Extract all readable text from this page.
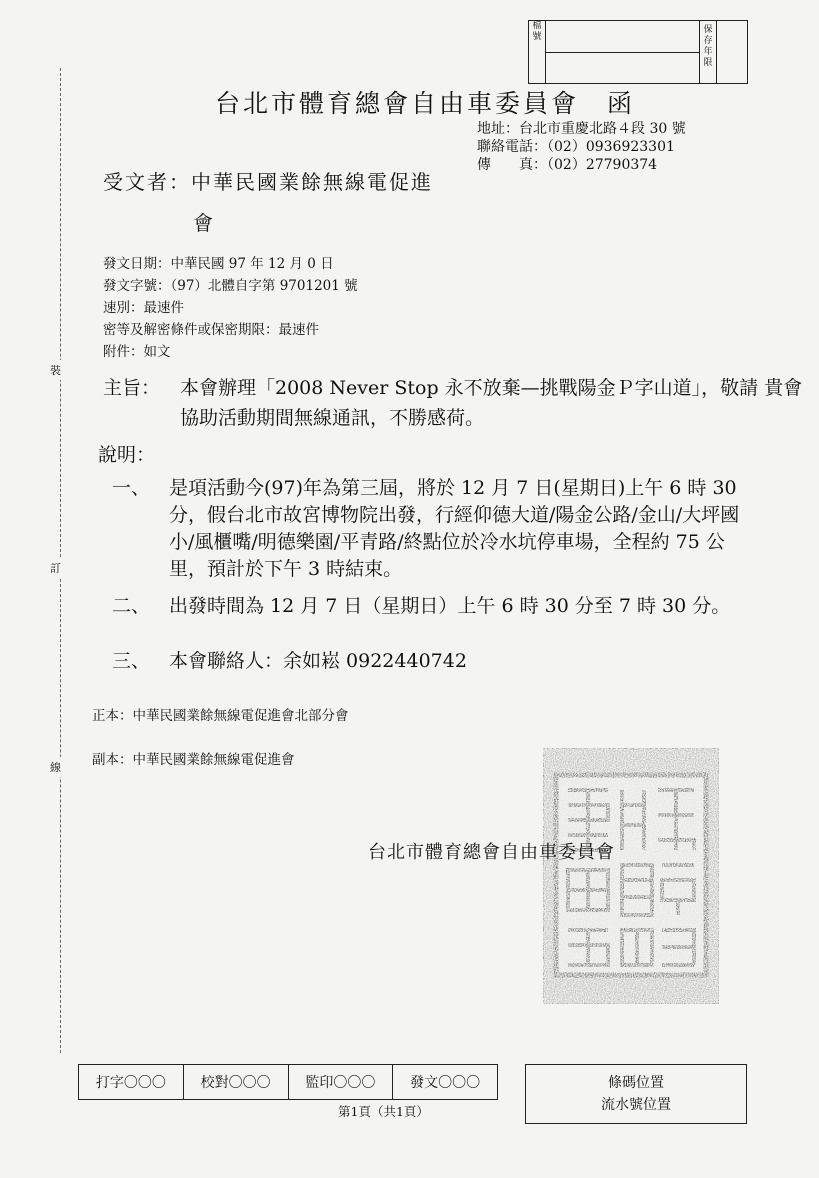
檔號
保存年限
台北市體育總會自由車委員會　函
地址：台北市重慶北路４段 30 號
聯絡電話：（02）0936923301
傳　　真：（02）27790374
受文者：中華民國業餘無線電促進
會
發文日期：中華民國 97 年 12 月 0 日
發文字號：（97）北體自字第 9701201 號
速別：最速件
密等及解密條件或保密期限：最速件
附件：如文
主旨：	本會辦理「2008 Never Stop 永不放棄—挑戰陽金Ｐ字山道」，敬請 貴會協助活動期間無線通訊，不勝感荷。
說明：
一、 是項活動今(97)年為第三屆，將於 12 月 7 日(星期日)上午 6 時 30 分，假台北市故宮博物院出發，行經仰德大道/陽金公路/金山/大坪國小/風櫃嘴/明德樂園/平青路/終點位於冷水坑停車場，全程約 75 公里，預計於下午 3 時結束。
二、 出發時間為 12 月 7 日（星期日）上午 6 時 30 分至 7 時 30 分。
三、 本會聯絡人：余如崧 0922440742
正本：中華民國業餘無線電促進會北部分會
副本：中華民國業餘無線電促進會
台北市體育總會自由車委員會
裝
訂
線
打字〇〇〇	校對〇〇〇	監印〇〇〇	發文〇〇〇	條碼位置
流水號位置
第1頁（共1頁）
